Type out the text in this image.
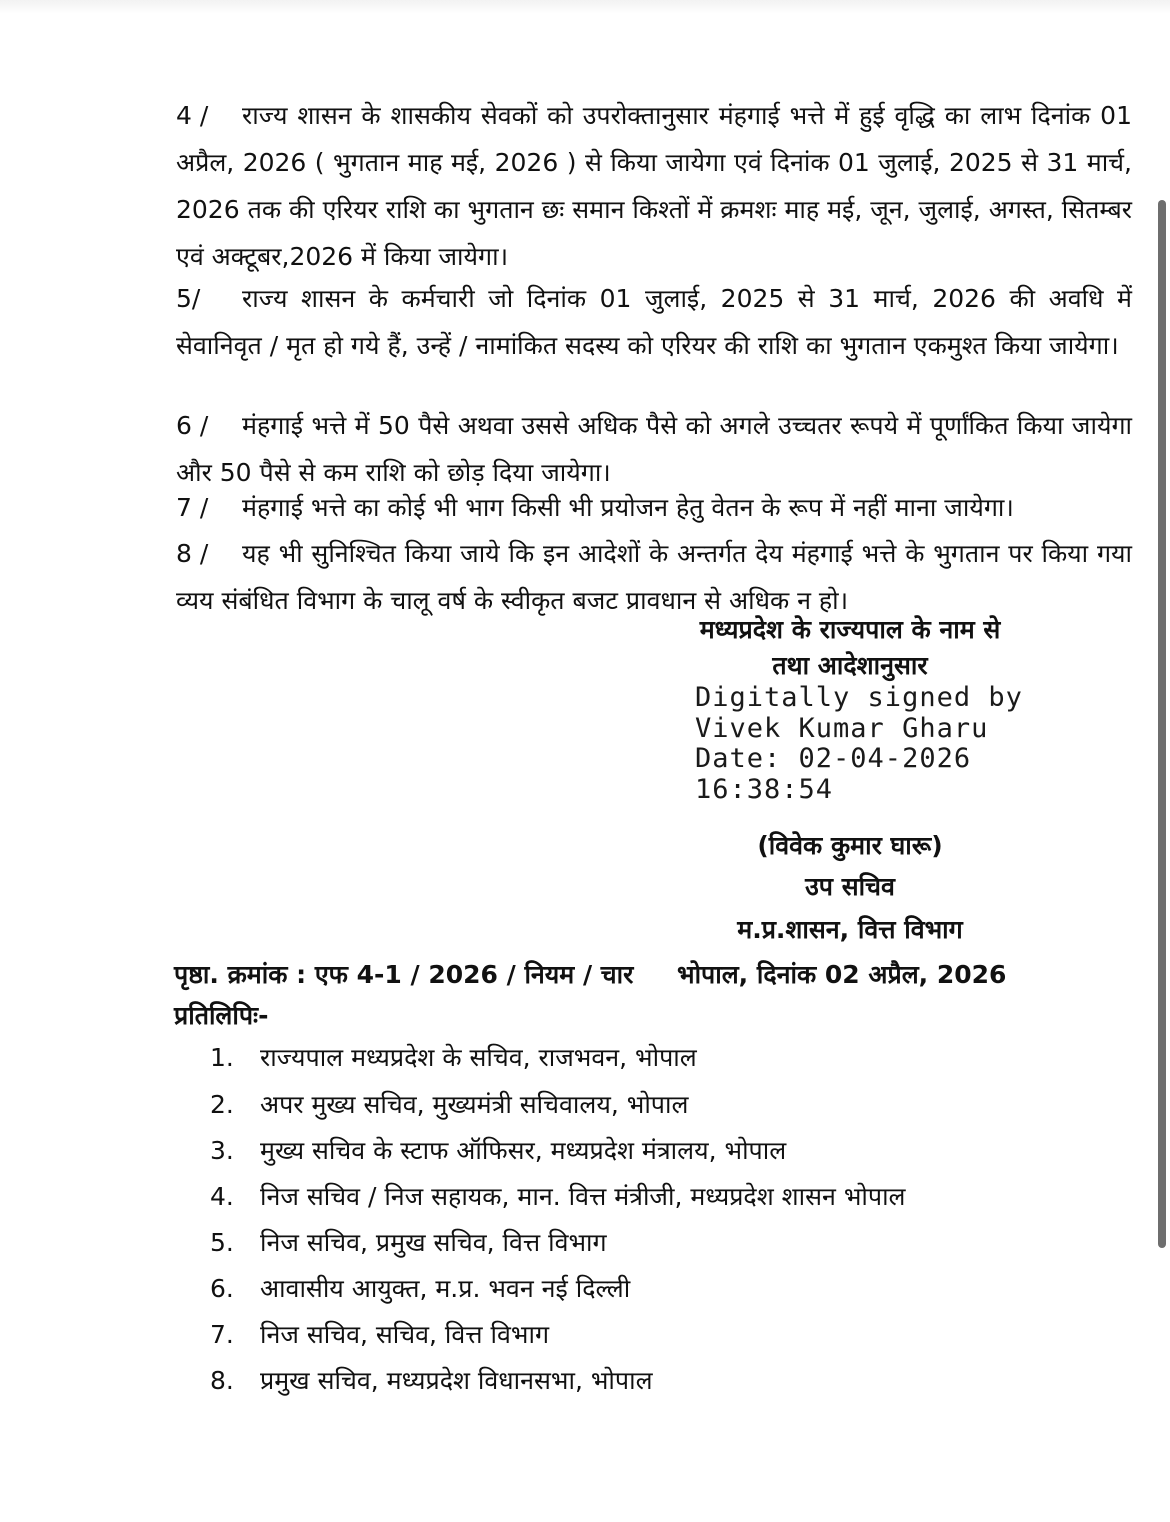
4 / राज्य शासन के शासकीय सेवकों को उपरोक्तानुसार मंहगाई भत्ते में हुई वृद्धि का लाभ दिनांक 01 अप्रैल, 2026 ( भुगतान माह मई, 2026 ) से किया जायेगा एवं दिनांक 01 जुलाई, 2025 से 31 मार्च, 2026 तक की एरियर राशि का भुगतान छः समान किश्तों में क्रमशः माह मई, जून, जुलाई, अगस्त, सितम्बर एवं अक्टूबर,2026 में किया जायेगा।
5/ राज्य शासन के कर्मचारी जो दिनांक 01 जुलाई, 2025 से 31 मार्च, 2026 की अवधि में सेवानिवृत / मृत हो गये हैं, उन्हें / नामांकित सदस्य को एरियर की राशि का भुगतान एकमुश्त किया जायेगा।
6 / मंहगाई भत्ते में 50 पैसे अथवा उससे अधिक पैसे को अगले उच्चतर रूपये में पूर्णांकित किया जायेगा और 50 पैसे से कम राशि को छोड़ दिया जायेगा।
7 / मंहगाई भत्ते का कोई भी भाग किसी भी प्रयोजन हेतु वेतन के रूप में नहीं माना जायेगा।
8 / यह भी सुनिश्चित किया जाये कि इन आदेशों के अन्तर्गत देय मंहगाई भत्ते के भुगतान पर किया गया व्यय संबंधित विभाग के चालू वर्ष के स्वीकृत बजट प्रावधान से अधिक न हो।
मध्यप्रदेश के राज्यपाल के नाम से
तथा आदेशानुसार
Digitally signed by
Vivek Kumar Gharu
Date: 02-04-2026
16:38:54
(विवेक कुमार घारू)
उप सचिव
म.प्र.शासन, वित्त विभाग
पृष्ठा. क्रमांक : एफ 4-1 / 2026 / नियम / चार भोपाल, दिनांक 02 अप्रैल, 2026
प्रतिलिपिः-
1. राज्यपाल मध्यप्रदेश के सचिव, राजभवन, भोपाल
2. अपर मुख्य सचिव, मुख्यमंत्री सचिवालय, भोपाल
3. मुख्य सचिव के स्टाफ ऑफिसर, मध्यप्रदेश मंत्रालय, भोपाल
4. निज सचिव / निज सहायक, मान. वित्त मंत्रीजी, मध्यप्रदेश शासन भोपाल
5. निज सचिव, प्रमुख सचिव, वित्त विभाग
6. आवासीय आयुक्त, म.प्र. भवन नई दिल्ली
7. निज सचिव, सचिव, वित्त विभाग
8. प्रमुख सचिव, मध्यप्रदेश विधानसभा, भोपाल
